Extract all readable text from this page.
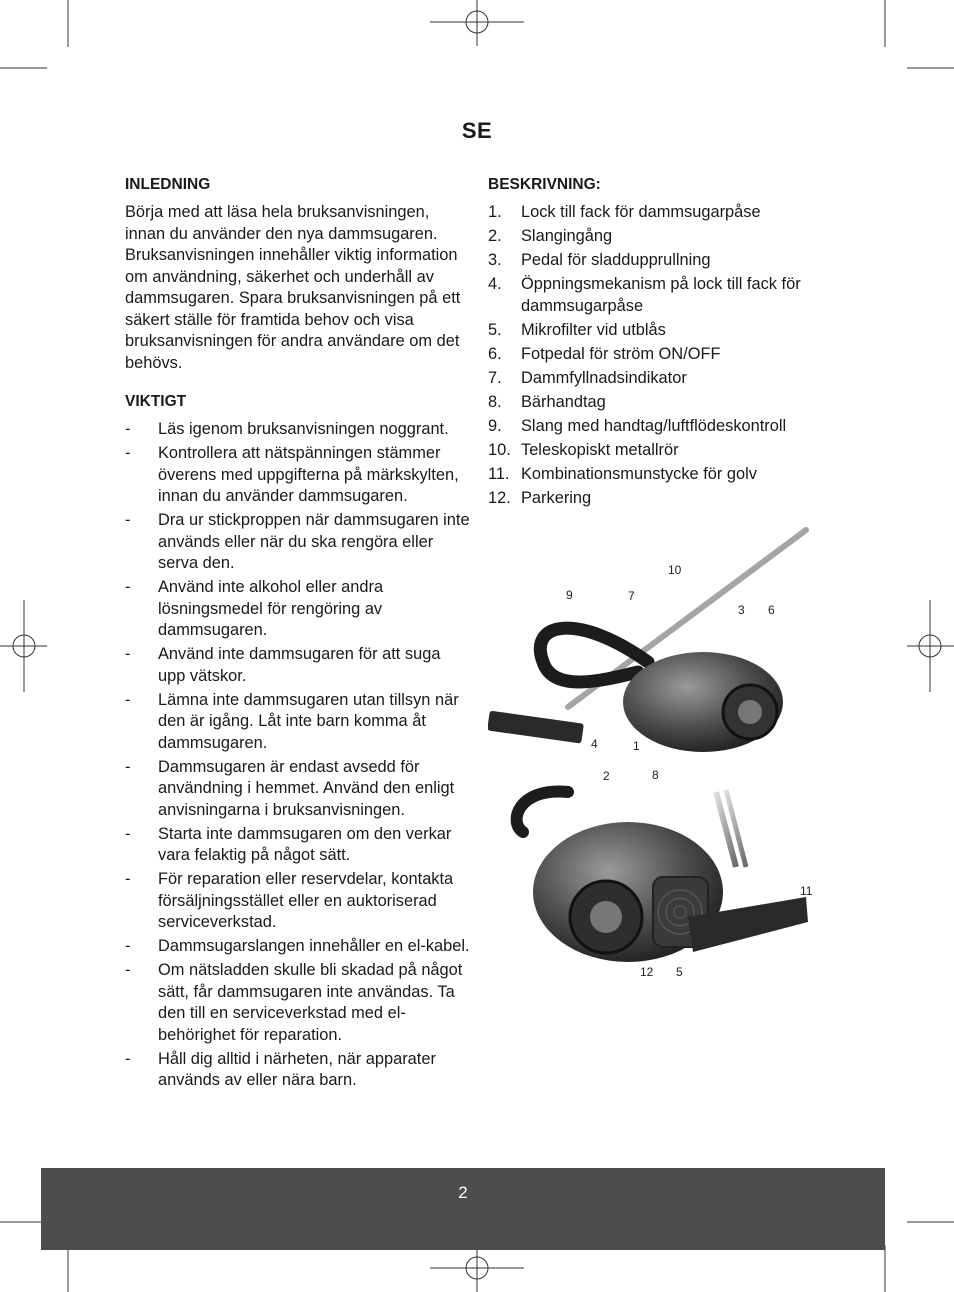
SE
INLEDNING

Börja med att läsa hela bruksanvisningen, innan du använder den nya dammsugaren. Bruksanvisningen innehåller viktig information om användning, säkerhet och underhåll av dammsugaren. Spara bruksanvisningen på ett säkert ställe för framtida behov och visa bruksanvisningen för andra användare om det behövs.

VIKTIGT
- Läs igenom bruksanvisningen noggrant.
- Kontrollera att nätspänningen stämmer överens med uppgifterna på märkskylten, innan du använder dammsugaren.
- Dra ur stickproppen när dammsugaren inte används eller när du ska rengöra eller serva den.
- Använd inte alkohol eller andra lösningsmedel för rengöring av dammsugaren.
- Använd inte dammsugaren för att suga upp vätskor.
- Lämna inte dammsugaren utan tillsyn när den är igång. Låt inte barn komma åt dammsugaren.
- Dammsugaren är endast avsedd för användning i hemmet. Använd den enligt anvisningarna i bruksanvisningen.
- Starta inte dammsugaren om den verkar vara felaktig på något sätt.
- För reparation eller reservdelar, kontakta försäljningsstället eller en auktoriserad serviceverkstad.
- Dammsugarslangen innehåller en el-kabel.
- Om nätsladden skulle bli skadad på något sätt, får dammsugaren inte användas. Ta den till en serviceverkstad med el-behörighet för reparation.
- Håll dig alltid i närheten, när apparater används av eller nära barn.
BESKRIVNING:
1. Lock till fack för dammsugarpåse
2. Slangingång
3. Pedal för sladdupprullning
4. Öppningsmekanism på lock till fack för dammsugarpåse
5. Mikrofilter vid utblås
6. Fotpedal för ström ON/OFF
7. Dammfyllnadsindikator
8. Bärhandtag
9. Slang med handtag/luftflödeskontroll
10. Teleskopiskt metallrör
11. Kombinationsmunstycke för golv
12. Parkering
10
9	7
3 6
4	1
2	8
11
12 5
2
